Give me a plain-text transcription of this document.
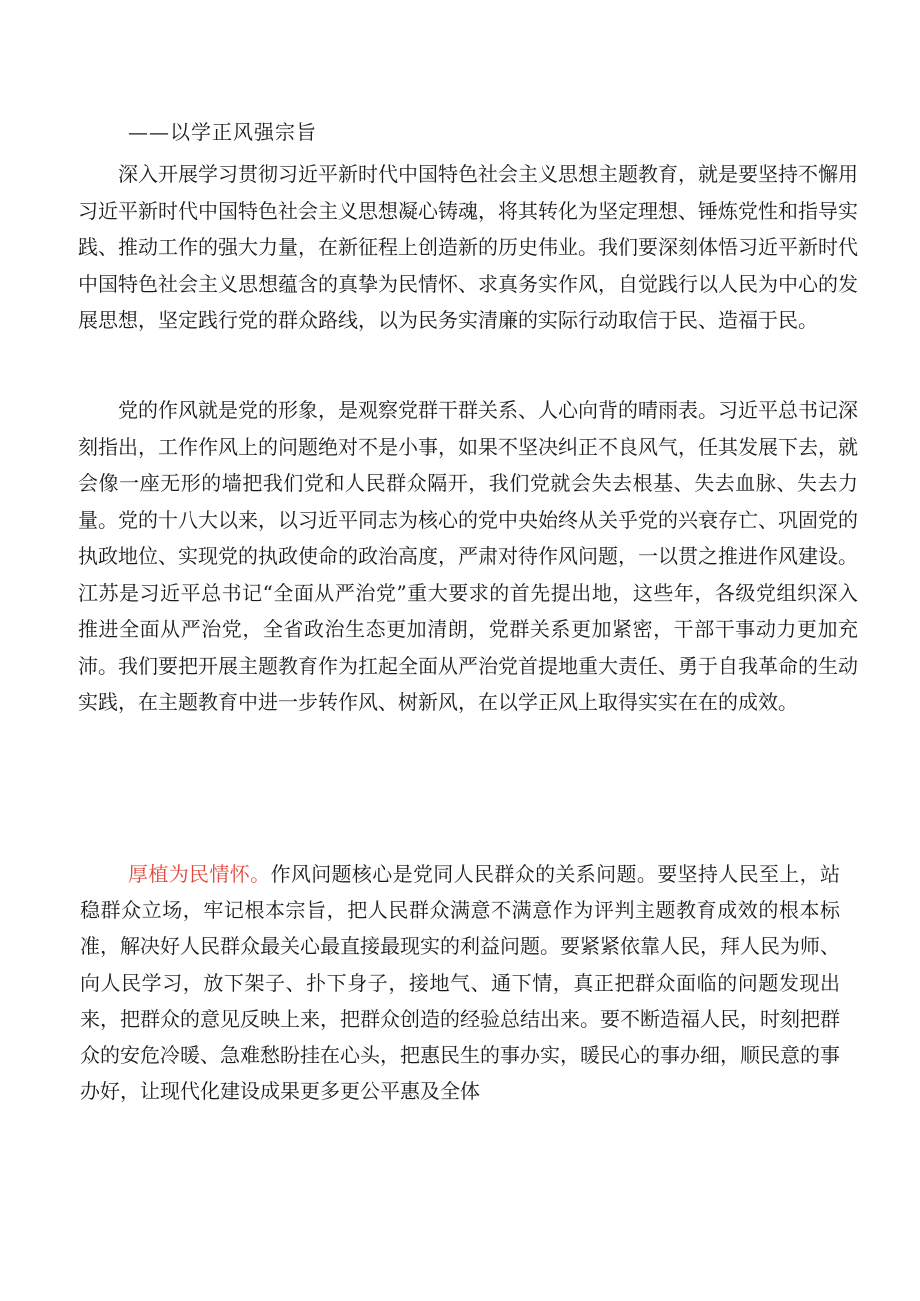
——以学正风强宗旨

深入开展学习贯彻习近平新时代中国特色社会主义思想主题教育，就是要坚持不懈用习近平新时代中国特色社会主义思想凝心铸魂，将其转化为坚定理想、锤炼党性和指导实践、推动工作的强大力量，在新征程上创造新的历史伟业。我们要深刻体悟习近平新时代中国特色社会主义思想蕴含的真挚为民情怀、求真务实作风，自觉践行以人民为中心的发展思想，坚定践行党的群众路线，以为民务实清廉的实际行动取信于民、造福于民。

党的作风就是党的形象，是观察党群干群关系、人心向背的晴雨表。习近平总书记深刻指出，工作作风上的问题绝对不是小事，如果不坚决纠正不良风气，任其发展下去，就会像一座无形的墙把我们党和人民群众隔开，我们党就会失去根基、失去血脉、失去力量。党的十八大以来，以习近平同志为核心的党中央始终从关乎党的兴衰存亡、巩固党的执政地位、实现党的执政使命的政治高度，严肃对待作风问题，一以贯之推进作风建设。江苏是习近平总书记“全面从严治党”重大要求的首先提出地，这些年，各级党组织深入推进全面从严治党，全省政治生态更加清朗，党群关系更加紧密，干部干事动力更加充沛。我们要把开展主题教育作为扛起全面从严治党首提地重大责任、勇于自我革命的生动实践，在主题教育中进一步转作风、树新风，在以学正风上取得实实在在的成效。

厚植为民情怀。作风问题核心是党同人民群众的关系问题。要坚持人民至上，站稳群众立场，牢记根本宗旨，把人民群众满意不满意作为评判主题教育成效的根本标准，解决好人民群众最关心最直接最现实的利益问题。要紧紧依靠人民，拜人民为师、向人民学习，放下架子、扑下身子，接地气、通下情，真正把群众面临的问题发现出来，把群众的意见反映上来，把群众创造的经验总结出来。要不断造福人民，时刻把群众的安危冷暖、急难愁盼挂在心头，把惠民生的事办实，暖民心的事办细，顺民意的事办好，让现代化建设成果更多更公平惠及全体
